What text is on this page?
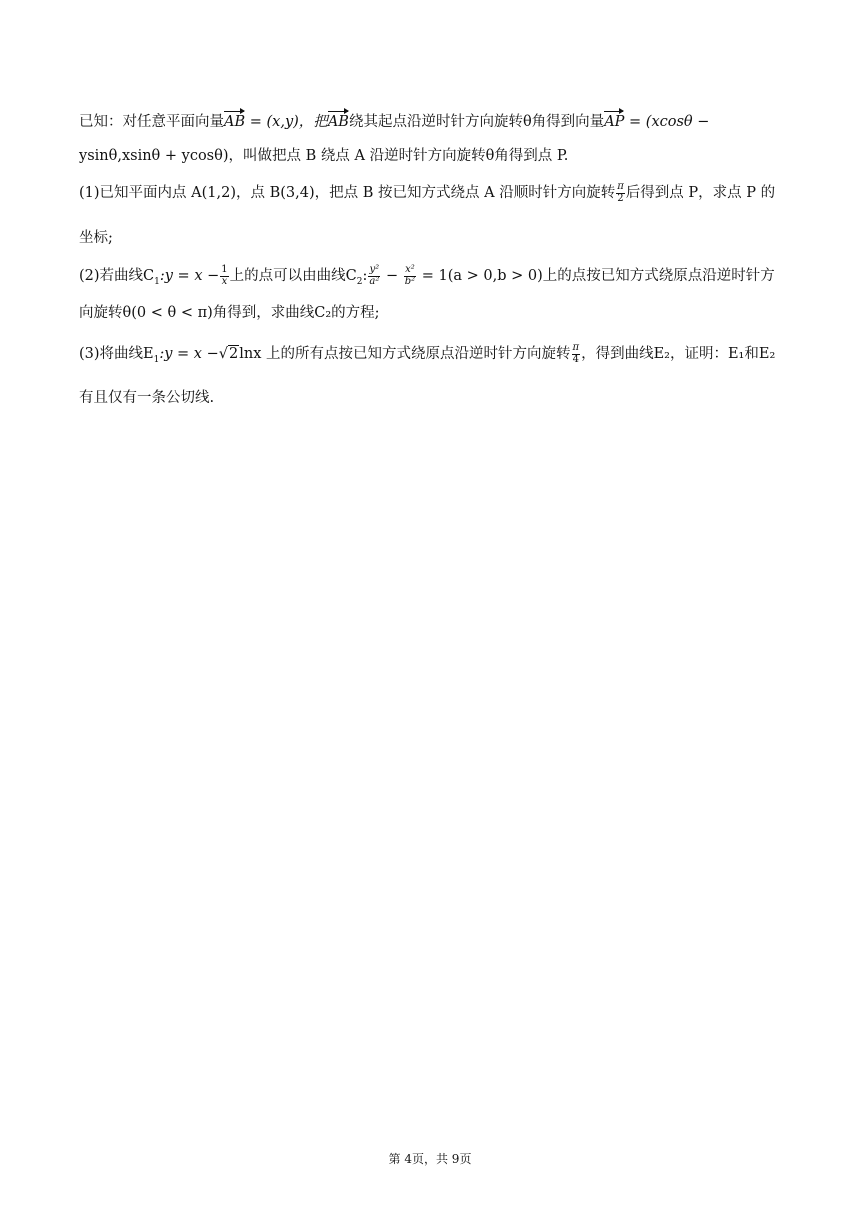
已知：对任意平面向量AB = (x,y)，把AB绕其起点沿逆时针方向旋转θ角得到向量AP = (xcosθ −
ysinθ,xsinθ + ycosθ)，叫做把点 B 绕点 A 沿逆时针方向旋转θ角得到点 P.
(1)已知平面内点 A(1,2)，点 B(3,4)，把点 B 按已知方式绕点 A 沿顺时针方向旋转 $\frac{\pi}{2}$ 后得到点 P，求点 P 的
坐标;
(2)若曲线$C_1:y = x - \frac{1}{x}$ 上的点可以由曲线$C_2$: $\frac{\text{y²}}{\text{a²}} - \frac{\text{x²}}{\text{b²}} = 1(a > 0,b > 0)$上的点按已知方式绕原点沿逆时针方
向旋转θ(0 < θ < π)角得到，求曲线C₂的方程;
(3)将曲线$E_1:y = x -√2\ln x$ 上的所有点按已知方式绕原点沿逆时针方向旋转 $\frac{\pi}{4}$ ，得到曲线E₂，证明：E₁和E₂
有且仅有一条公切线.
第 4页，共 9页
